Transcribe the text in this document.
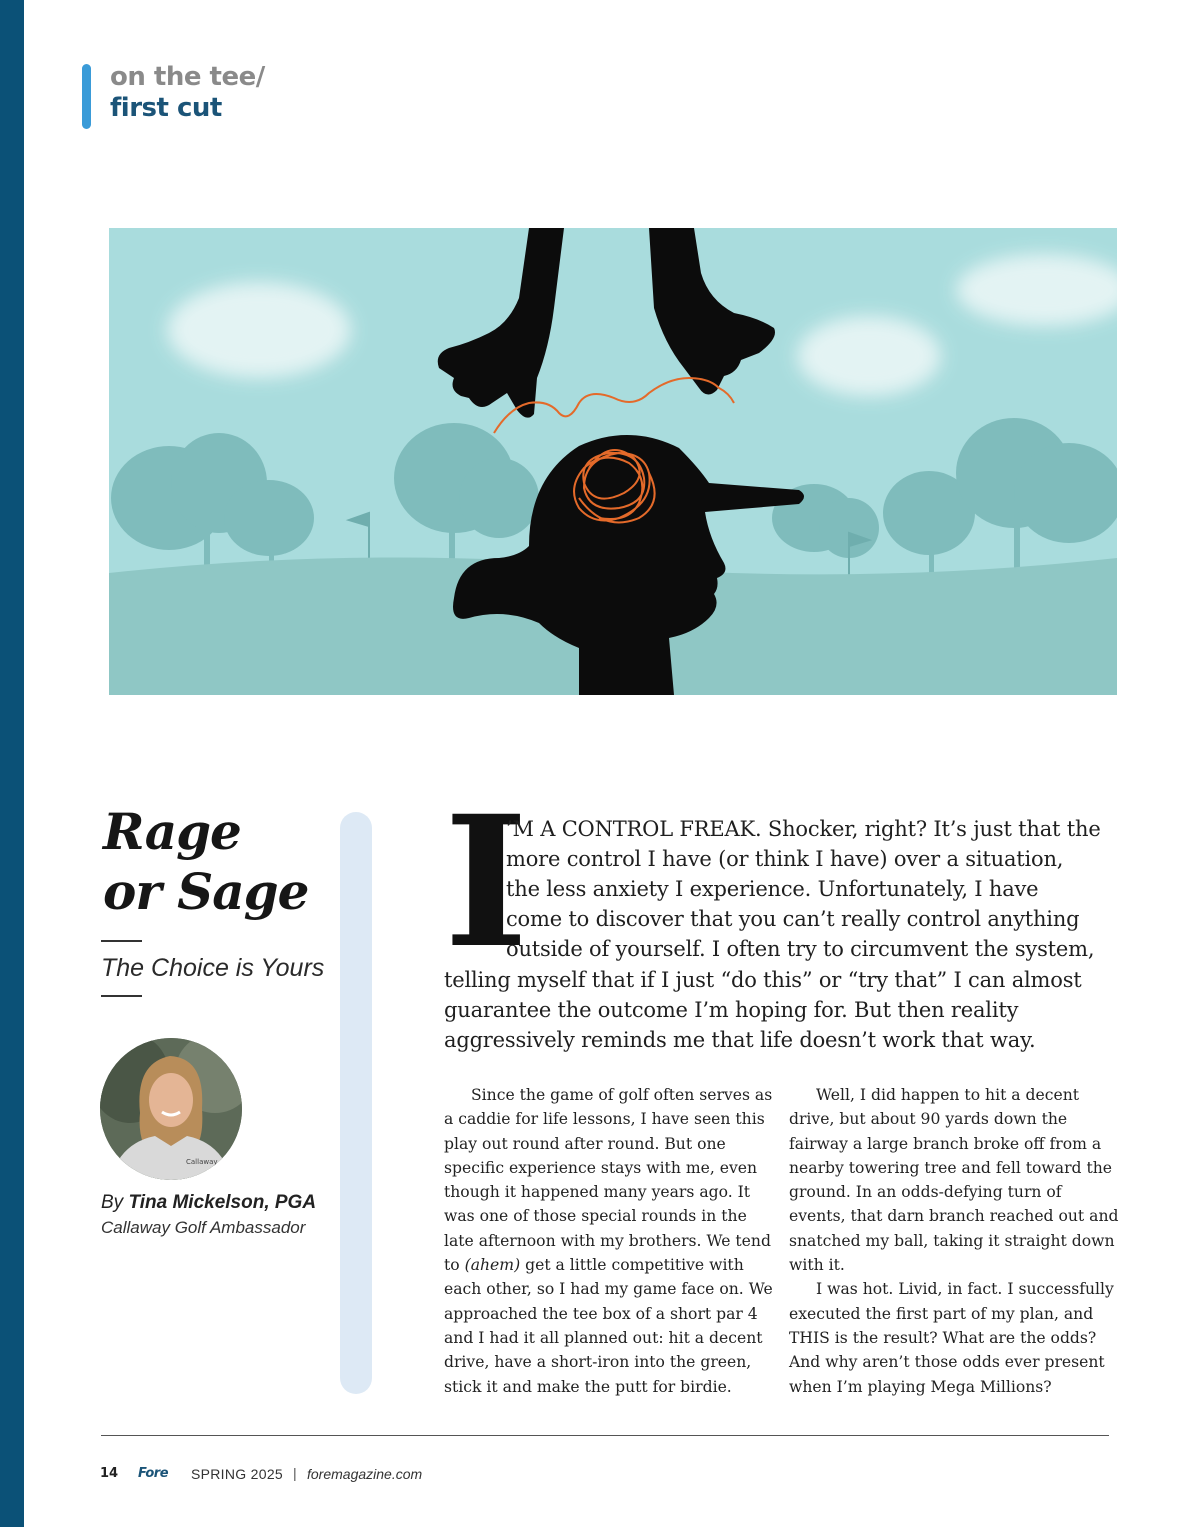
on the tee/
first cut
Rage
or Sage
The Choice is Yours
Callaway
By Tina Mickelson, PGA
Callaway Golf Ambassador
I
’M A CONTROL FREAK. Shocker, right? It’s just that the
more control I have (or think I have) over a situation,
the less anxiety I experience. Unfortunately, I have
come to discover that you can’t really control anything
outside of yourself. I often try to circumvent the system,
telling myself that if I just “do this” or “try that” I can almost
guarantee the outcome I’m hoping for. But then reality
aggressively reminds me that life doesn’t work that way.

Since the game of golf often serves as a caddie for life lessons, I have seen this play out round after round. But one specific experience stays with me, even though it happened many years ago. It was one of those special rounds in the late afternoon with my brothers. We tend to (ahem) get a little competitive with each other, so I had my game face on. We approached the tee box of a short par 4 and I had it all planned out: hit a decent drive, have a short-iron into the green, stick it and make the putt for birdie.

Well, I did happen to hit a decent drive, but about 90 yards down the fairway a large branch broke off from a nearby towering tree and fell toward the ground. In an odds-defying turn of events, that darn branch reached out and snatched my ball, taking it straight down with it.

I was hot. Livid, in fact. I successfully executed the first part of my plan, and THIS is the result? What are the odds? And why aren’t those odds ever present when I’m playing Mega Millions?

14 Fore SPRING 2025 | foremagazine.com
